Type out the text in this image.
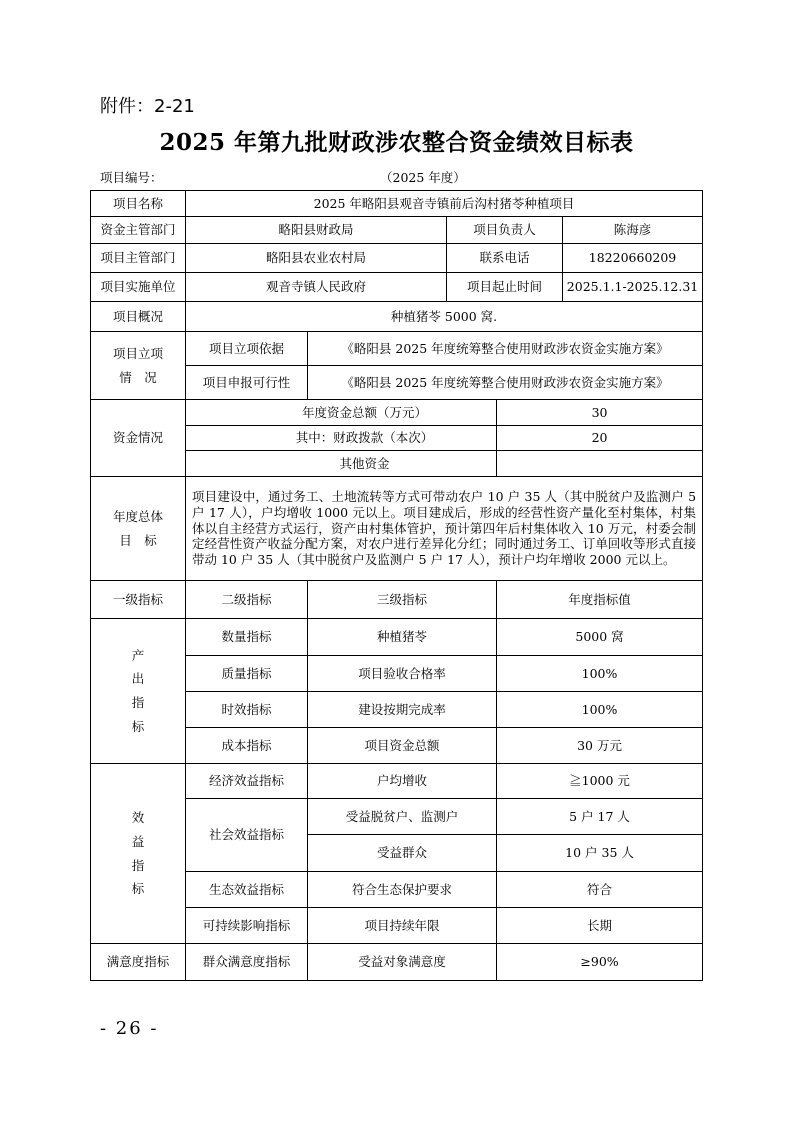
附件：2-21
2025 年第九批财政涉农整合资金绩效目标表
项目编号：	（2025 年度）
项目名称	2025 年略阳县观音寺镇前后沟村猪苓种植项目				
资金主管部门	略阳县财政局		项目负责人		陈海彦
项目主管部门	略阳县农业农村局		联系电话		18220660209
项目实施单位	观音寺镇人民政府		项目起止时间		2025.1.1-2025.12.31
项目概况	种植猪苓 5000 窝.				
项目立项
情　况	项目立项依据	《略阳县 2025 年度统筹整合使用财政涉农资金实施方案》			
	项目申报可行性	《略阳县 2025 年度统筹整合使用财政涉农资金实施方案》			
资金情况	年度资金总额（万元）			30	
	其中：财政拨款（本次）			20	
	其他资金				
年度总体
目　标	项目建设中，通过务工、土地流转等方式可带动农户 10 户 35 人（其中脱贫户及监测户 5 户 17 人），户均增收 1000 元以上。项目建成后，形成的经营性资产量化至村集体，村集体以自主经营方式运行，资产由村集体管护，预计第四年后村集体收入 10 万元，村委会制定经营性资产收益分配方案，对农户进行差异化分红；同时通过务工、订单回收等形式直接带动 10 户 35 人（其中脱贫户及监测户 5 户 17 人），预计户均年增收 2000 元以上。				
一级指标	二级指标	三级指标		年度指标值	
产
出
指
标	数量指标	种植猪苓		5000 窝	
	质量指标	项目验收合格率		100%	
	时效指标	建设按期完成率		100%	
	成本指标	项目资金总额		30 万元	
效
益
指
标	经济效益指标	户均增收		≧1000 元	
	社会效益指标	受益脱贫户、监测户		5 户 17 人	
		受益群众		10 户 35 人	
	生态效益指标	符合生态保护要求		符合	
	可持续影响指标	项目持续年限		长期	
满意度指标	群众满意度指标	受益对象满意度		≥90%	
- 26 -
